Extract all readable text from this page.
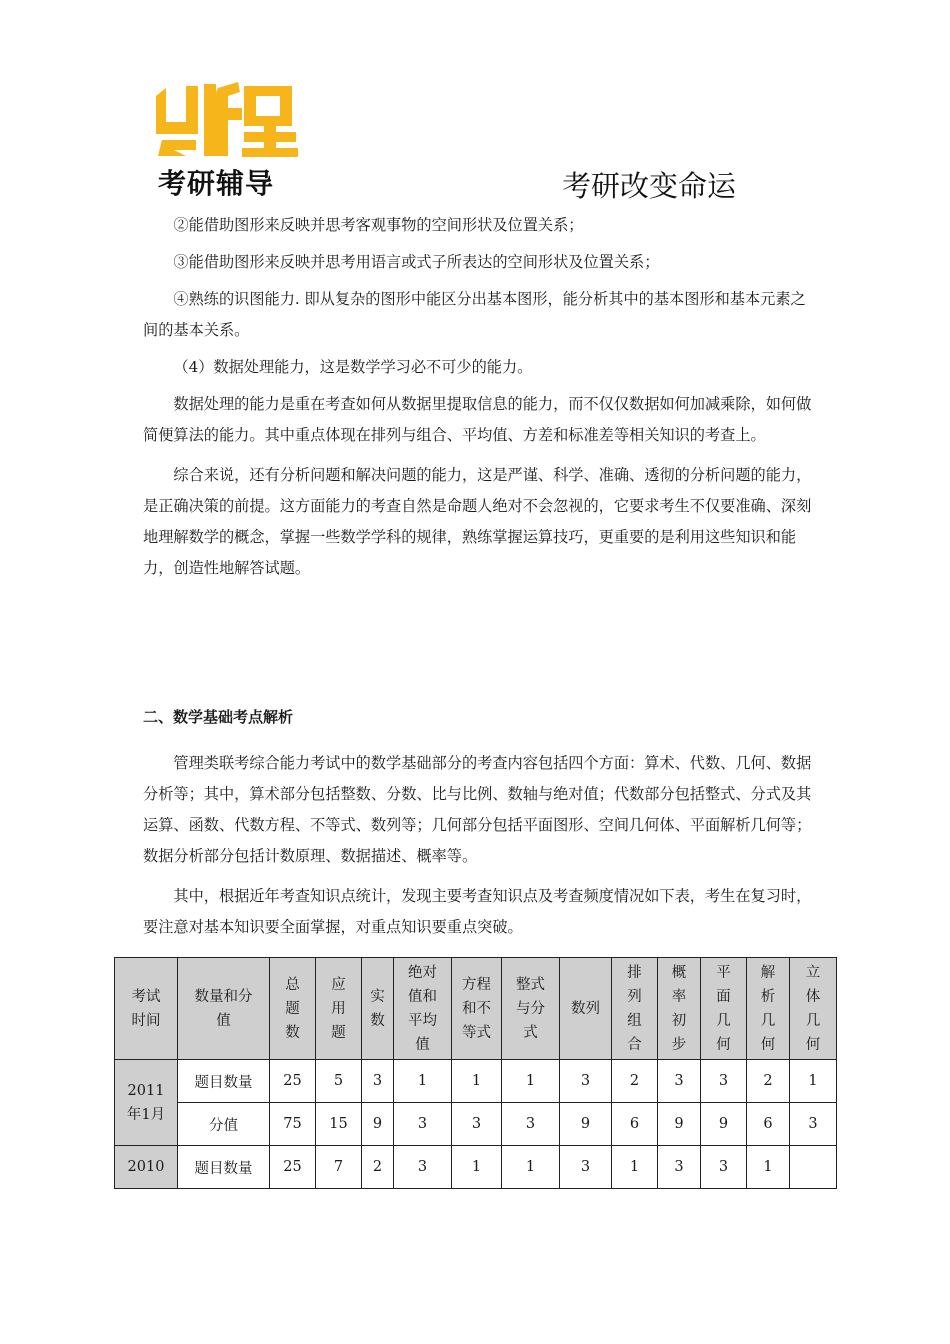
考研辅导	考研改变命运

②能借助图形来反映并思考客观事物的空间形状及位置关系；

③能借助图形来反映并思考用语言或式子所表达的空间形状及位置关系；

④熟练的识图能力. 即从复杂的图形中能区分出基本图形，能分析其中的基本图形和基本元素之间的基本关系。

（4）数据处理能力，这是数学学习必不可少的能力。

数据处理的能力是重在考查如何从数据里提取信息的能力，而不仅仅数据如何加减乘除，如何做简便算法的能力。其中重点体现在排列与组合、平均值、方差和标准差等相关知识的考查上。

综合来说，还有分析问题和解决问题的能力，这是严谨、科学、准确、透彻的分析问题的能力，是正确决策的前提。这方面能力的考查自然是命题人绝对不会忽视的，它要求考生不仅要准确、深刻地理解数学的概念，掌握一些数学学科的规律，熟练掌握运算技巧，更重要的是利用这些知识和能力，创造性地解答试题。

二、数学基础考点解析

管理类联考综合能力考试中的数学基础部分的考查内容包括四个方面：算术、代数、几何、数据分析等；其中，算术部分包括整数、分数、比与比例、数轴与绝对值；代数部分包括整式、分式及其运算、函数、代数方程、不等式、数列等；几何部分包括平面图形、空间几何体、平面解析几何等；数据分析部分包括计数原理、数据描述、概率等。

其中，根据近年考查知识点统计，发现主要考查知识点及考查频度情况如下表，考生在复习时，要注意对基本知识要全面掌握，对重点知识要重点突破。

考试时间	数量和分值	总题数	应用题	实数	绝对值和平均值	方程和不等式	整式与分式	数列	排列组合	概率初步	平面几何	解析几何	立体几何

2011年1月	题目数量	25	5	3	1	1	1	3	2	3	3	2	1
	分值	75	15	9	3	3	3	9	6	9	9	6	3
2010	题目数量	25	7	2	3	1	1	3	1	3	3	1	
